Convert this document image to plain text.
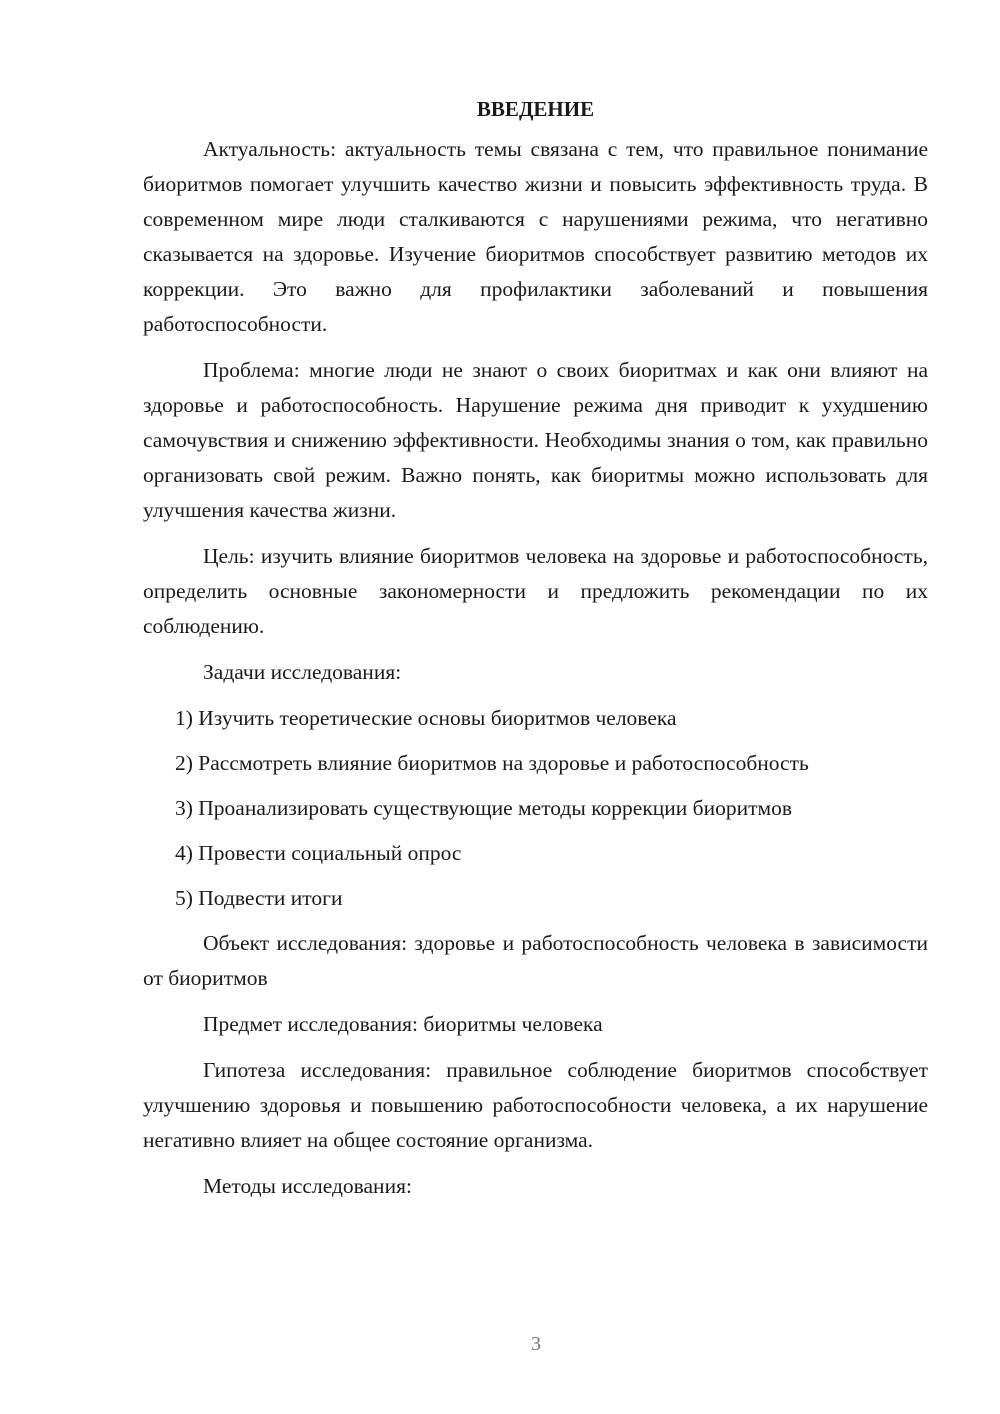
ВВЕДЕНИЕ

Актуальность: актуальность темы связана с тем, что правильное понимание биоритмов помогает улучшить качество жизни и повысить эффективность труда. В современном мире люди сталкиваются с нарушениями режима, что негативно сказывается на здоровье. Изучение биоритмов способствует развитию методов их коррекции. Это важно для профилактики заболеваний и повышения работоспособности.

Проблема: многие люди не знают о своих биоритмах и как они влияют на здоровье и работоспособность. Нарушение режима дня приводит к ухудшению самочувствия и снижению эффективности. Необходимы знания о том, как правильно организовать свой режим. Важно понять, как биоритмы можно использовать для улучшения качества жизни.

Цель: изучить влияние биоритмов человека на здоровье и работоспособность, определить основные закономерности и предложить рекомендации по их соблюдению.

Задачи исследования:

1) Изучить теоретические основы биоритмов человека

2) Рассмотреть влияние биоритмов на здоровье и работоспособность

3) Проанализировать существующие методы коррекции биоритмов

4) Провести социальный опрос

5) Подвести итоги

Объект исследования: здоровье и работоспособность человека в зависимости от биоритмов

Предмет исследования: биоритмы человека

Гипотеза исследования: правильное соблюдение биоритмов способствует улучшению здоровья и повышению работоспособности человека, а их нарушение негативно влияет на общее состояние организма.

Методы исследования:

3
